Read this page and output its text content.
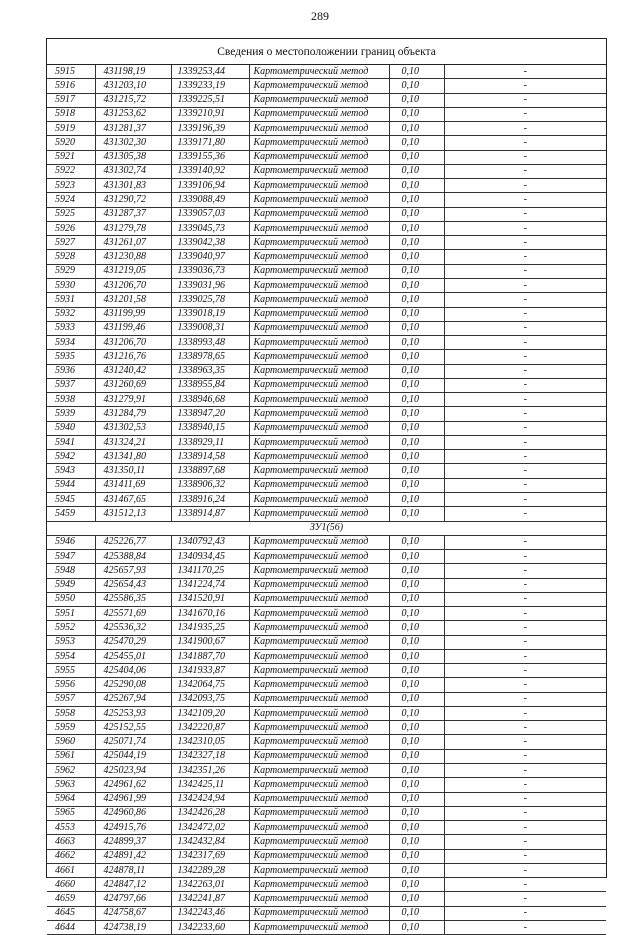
289
Сведения о местоположении границ объекта
5915	431198,19	1339253,44	Картометрический метод	0,10	-
5916	431203,10	1339233,19	Картометрический метод	0,10	-
5917	431215,72	1339225,51	Картометрический метод	0,10	-
5918	431253,62	1339210,91	Картометрический метод	0,10	-
5919	431281,37	1339196,39	Картометрический метод	0,10	-
5920	431302,30	1339171,80	Картометрический метод	0,10	-
5921	431305,38	1339155,36	Картометрический метод	0,10	-
5922	431302,74	1339140,92	Картометрический метод	0,10	-
5923	431301,83	1339106,94	Картометрический метод	0,10	-
5924	431290,72	1339088,49	Картометрический метод	0,10	-
5925	431287,37	1339057,03	Картометрический метод	0,10	-
5926	431279,78	1339045,73	Картометрический метод	0,10	-
5927	431261,07	1339042,38	Картометрический метод	0,10	-
5928	431230,88	1339040,97	Картометрический метод	0,10	-
5929	431219,05	1339036,73	Картометрический метод	0,10	-
5930	431206,70	1339031,96	Картометрический метод	0,10	-
5931	431201,58	1339025,78	Картометрический метод	0,10	-
5932	431199,99	1339018,19	Картометрический метод	0,10	-
5933	431199,46	1339008,31	Картометрический метод	0,10	-
5934	431206,70	1338993,48	Картометрический метод	0,10	-
5935	431216,76	1338978,65	Картометрический метод	0,10	-
5936	431240,42	1338963,35	Картометрический метод	0,10	-
5937	431260,69	1338955,84	Картометрический метод	0,10	-
5938	431279,91	1338946,68	Картометрический метод	0,10	-
5939	431284,79	1338947,20	Картометрический метод	0,10	-
5940	431302,53	1338940,15	Картометрический метод	0,10	-
5941	431324,21	1338929,11	Картометрический метод	0,10	-
5942	431341,80	1338914,58	Картометрический метод	0,10	-
5943	431350,11	1338897,68	Картометрический метод	0,10	-
5944	431411,69	1338906,32	Картометрический метод	0,10	-
5945	431467,65	1338916,24	Картометрический метод	0,10	-
5459	431512,13	1338914,87	Картометрический метод	0,10	-
ЗУ1(56)					
5946	425226,77	1340792,43	Картометрический метод	0,10	-
5947	425388,84	1340934,45	Картометрический метод	0,10	-
5948	425657,93	1341170,25	Картометрический метод	0,10	-
5949	425654,43	1341224,74	Картометрический метод	0,10	-
5950	425586,35	1341520,91	Картометрический метод	0,10	-
5951	425571,69	1341670,16	Картометрический метод	0,10	-
5952	425536,32	1341935,25	Картометрический метод	0,10	-
5953	425470,29	1341900,67	Картометрический метод	0,10	-
5954	425455,01	1341887,70	Картометрический метод	0,10	-
5955	425404,06	1341933,87	Картометрический метод	0,10	-
5956	425290,08	1342064,75	Картометрический метод	0,10	-
5957	425267,94	1342093,75	Картометрический метод	0,10	-
5958	425253,93	1342109,20	Картометрический метод	0,10	-
5959	425152,55	1342220,87	Картометрический метод	0,10	-
5960	425071,74	1342310,05	Картометрический метод	0,10	-
5961	425044,19	1342327,18	Картометрический метод	0,10	-
5962	425023,94	1342351,26	Картометрический метод	0,10	-
5963	424961,62	1342425,11	Картометрический метод	0,10	-
5964	424961,99	1342424,94	Картометрический метод	0,10	-
5965	424960,86	1342426,28	Картометрический метод	0,10	-
4553	424915,76	1342472,02	Картометрический метод	0,10	-
4663	424899,37	1342432,84	Картометрический метод	0,10	-
4662	424891,42	1342317,69	Картометрический метод	0,10	-
4661	424878,11	1342289,28	Картометрический метод	0,10	-
4660	424847,12	1342263,01	Картометрический метод	0,10	-
4659	424797,66	1342241,87	Картометрический метод	0,10	-
4645	424758,67	1342243,46	Картометрический метод	0,10	-
4644	424738,19	1342233,60	Картометрический метод	0,10	-
